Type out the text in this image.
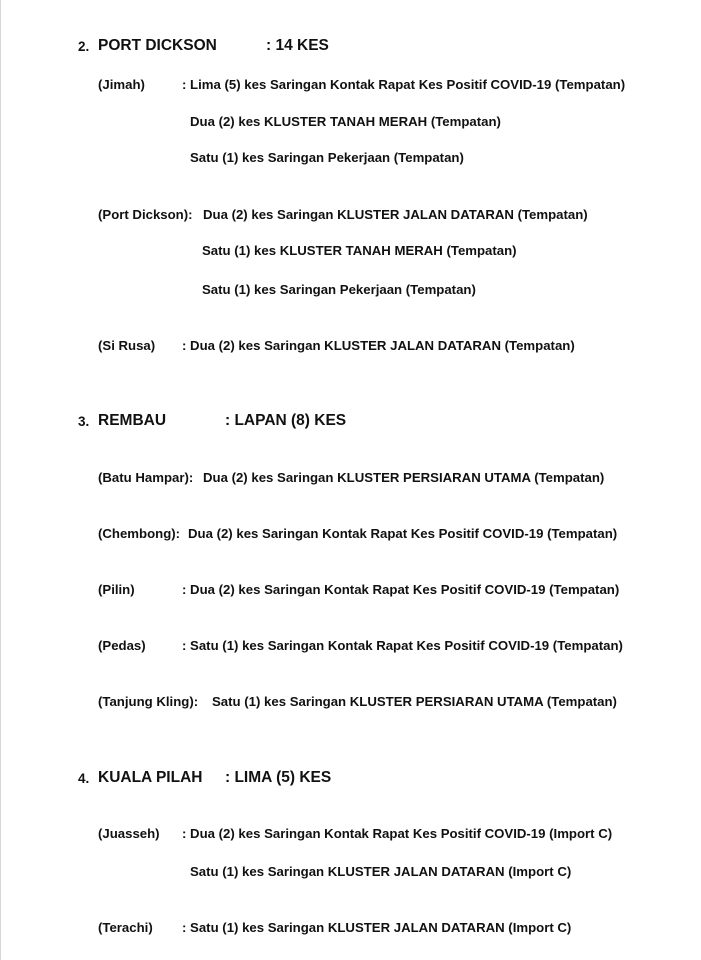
2. PORT DICKSON	: 14 KES
(Jimah)	: Lima (5) kes Saringan Kontak Rapat Kes Positif COVID-19 (Tempatan)
Dua (2) kes KLUSTER TANAH MERAH (Tempatan)
Satu (1) kes Saringan Pekerjaan (Tempatan)
(Port Dickson): Dua (2) kes Saringan KLUSTER JALAN DATARAN (Tempatan)
Satu (1) kes KLUSTER TANAH MERAH (Tempatan)
Satu (1) kes Saringan Pekerjaan (Tempatan)
(Si Rusa) : Dua (2) kes Saringan KLUSTER JALAN DATARAN (Tempatan)
3. REMBAU	: LAPAN (8) KES
(Batu Hampar): Dua (2) kes Saringan KLUSTER PERSIARAN UTAMA (Tempatan)
(Chembong): Dua (2) kes Saringan Kontak Rapat Kes Positif COVID-19 (Tempatan)
(Pilin)	: Dua (2) kes Saringan Kontak Rapat Kes Positif COVID-19 (Tempatan)
(Pedas)	: Satu (1) kes Saringan Kontak Rapat Kes Positif COVID-19 (Tempatan)
(Tanjung Kling): Satu (1) kes Saringan KLUSTER PERSIARAN UTAMA (Tempatan)
4. KUALA PILAH : LIMA (5) KES
(Juasseh) : Dua (2) kes Saringan Kontak Rapat Kes Positif COVID-19 (Import C)
Satu (1) kes Saringan KLUSTER JALAN DATARAN (Import C)
(Terachi) : Satu (1) kes Saringan KLUSTER JALAN DATARAN (Import C)
